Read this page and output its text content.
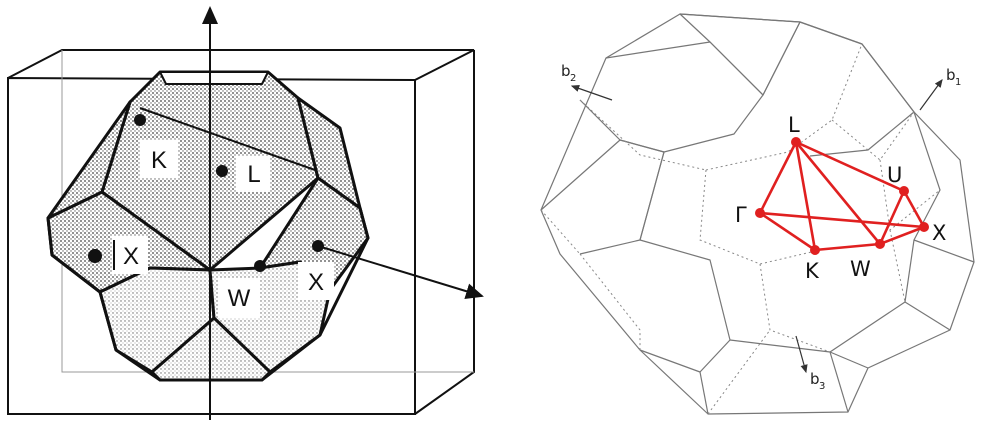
K
L
X
W
X
b 1
b 2
b 3
L
U
Γ
X
K W
